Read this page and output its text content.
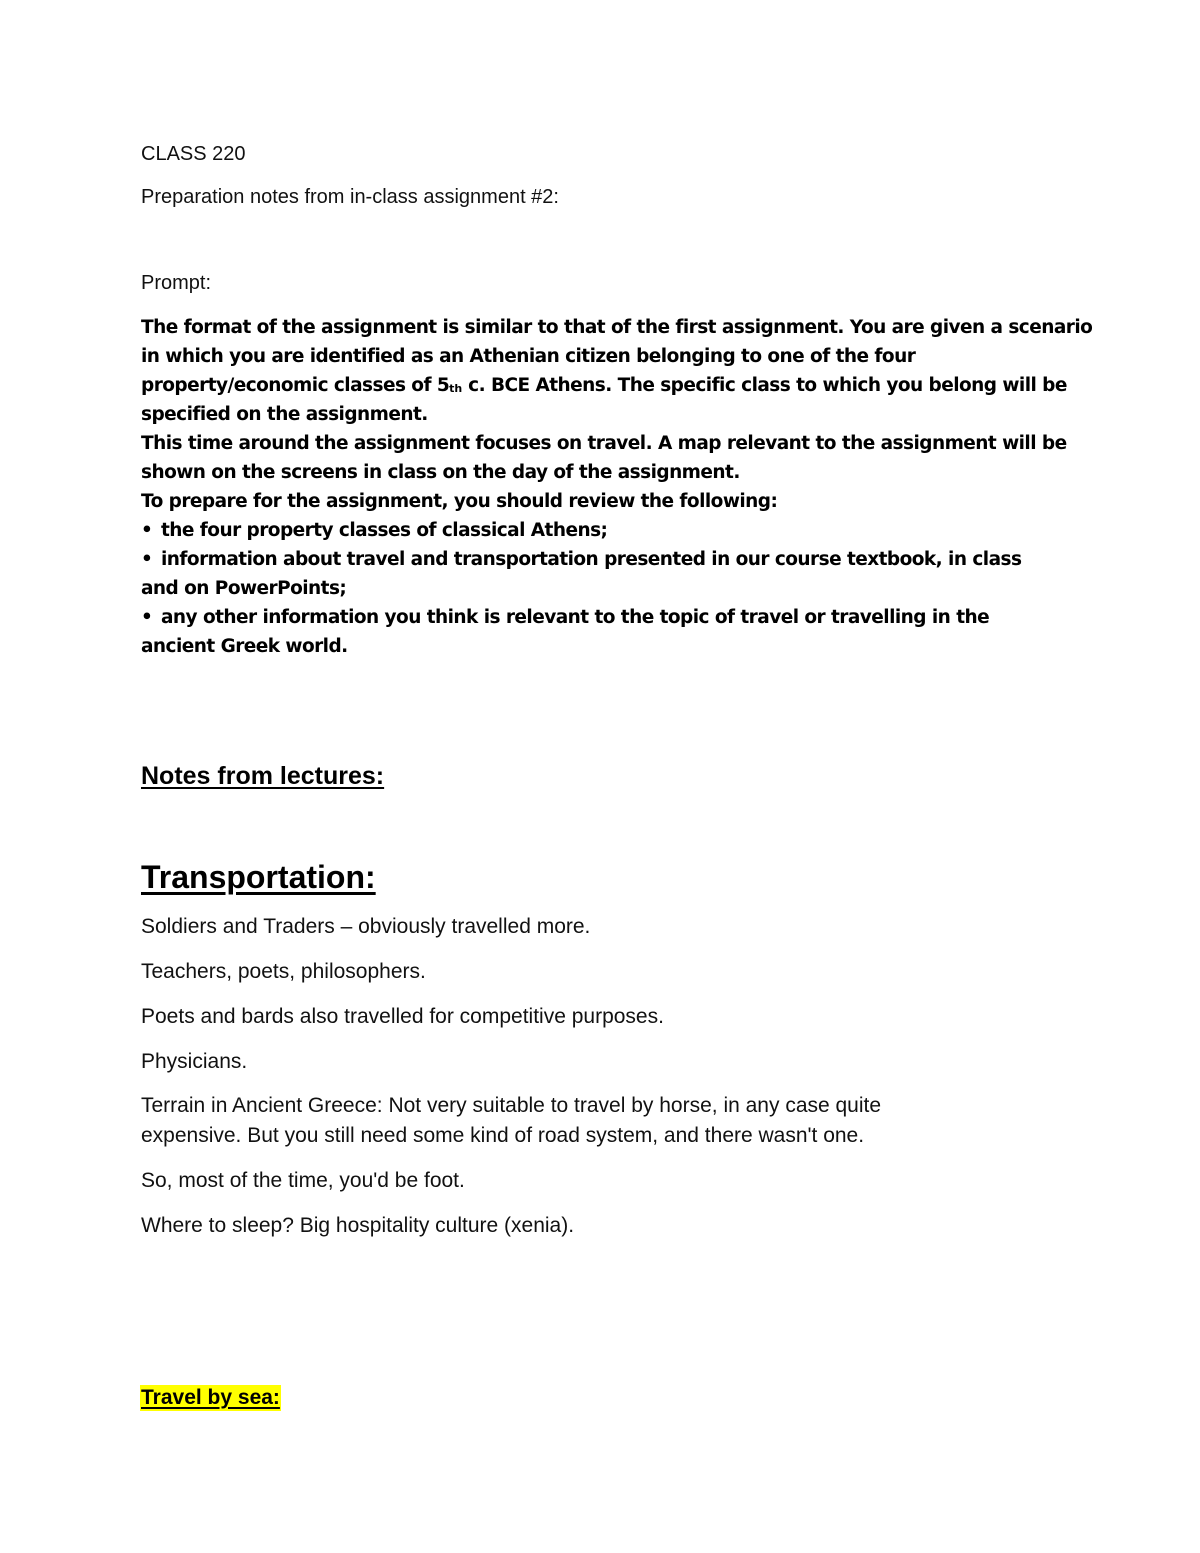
CLASS 220

Preparation notes from in-class assignment #2:

Prompt:

The format of the assignment is similar to that of the first assignment. You are given a scenario
in which you are identified as an Athenian citizen belonging to one of the four
property/economic classes of 5th c. BCE Athens. The specific class to which you belong will be
specified on the assignment.
This time around the assignment focuses on travel. A map relevant to the assignment will be
shown on the screens in class on the day of the assignment.
To prepare for the assignment, you should review the following:
• the four property classes of classical Athens;
• information about travel and transportation presented in our course textbook, in class
and on PowerPoints;
• any other information you think is relevant to the topic of travel or travelling in the
ancient Greek world.

Notes from lectures:

Transportation:

Soldiers and Traders – obviously travelled more.

Teachers, poets, philosophers.

Poets and bards also travelled for competitive purposes.

Physicians.

Terrain in Ancient Greece: Not very suitable to travel by horse, in any case quite

expensive. But you still need some kind of road system, and there wasn't one.

So, most of the time, you'd be foot.

Where to sleep? Big hospitality culture (xenia).

Travel by sea:
